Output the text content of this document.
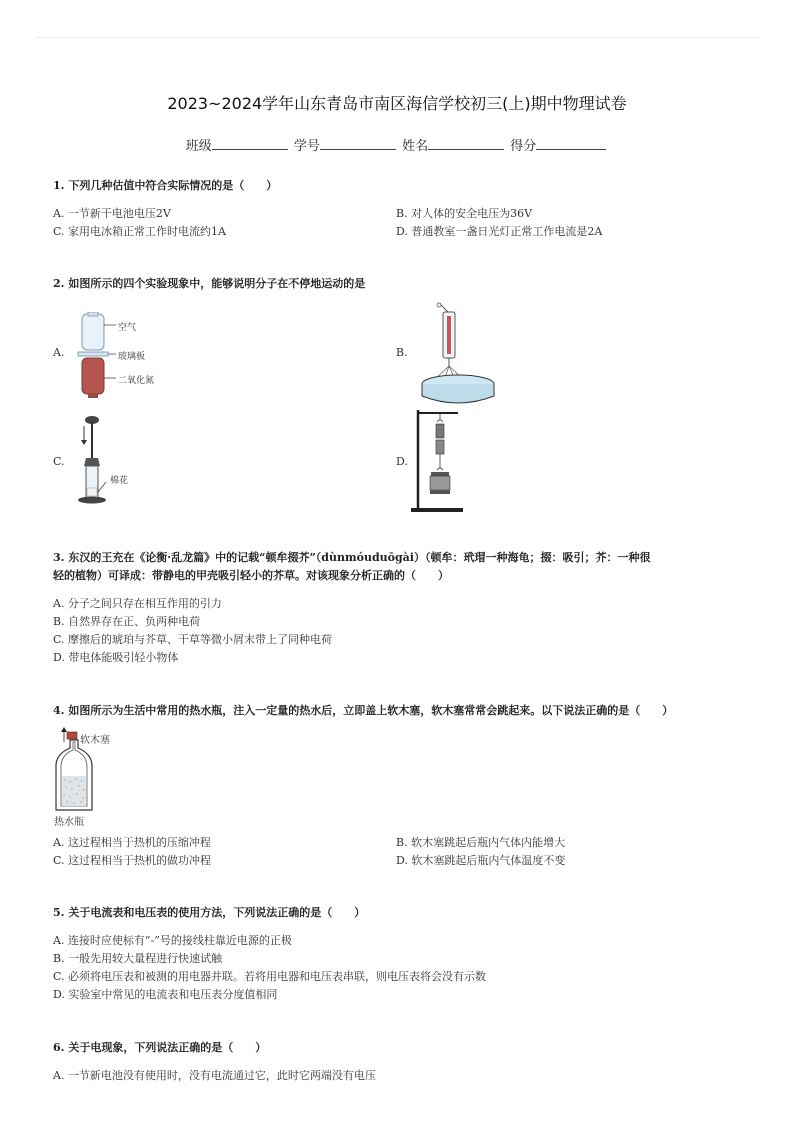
2023~2024学年山东青岛市南区海信学校初三(上)期中物理试卷
班级	学号	姓名	得分
1. 下列几种估值中符合实际情况的是（　　）
A. 一节新干电池电压2V	B. 对人体的安全电压为36V
C. 家用电冰箱正常工作时电流约1A	D. 普通教室一盏日光灯正常工作电流是2A
2. 如图所示的四个实验现象中，能够说明分子在不停地运动的是
A.
空气
玻璃板
二氧化氮
B.
C.
棉花
D.
3. 东汉的王充在《论衡·乱龙篇》中的记载“顿牟掇芥”（dùnmóuduōgài）（顿牟：玳瑁一种海龟；掇：吸引；芥：一种很
轻的植物）可译成：带静电的甲壳吸引轻小的芥草。对该现象分析正确的（　　）
A. 分子之间只存在相互作用的引力
B. 自然界存在正、负两种电荷
C. 摩擦后的琥珀与芥草、干草等微小屑末带上了同种电荷
D. 带电体能吸引轻小物体
4. 如图所示为生活中常用的热水瓶，注入一定量的热水后，立即盖上软木塞，软木塞常常会跳起来。以下说法正确的是（　　）
软木塞
热水瓶
A. 这过程相当于热机的压缩冲程	B. 软木塞跳起后瓶内气体内能增大
C. 这过程相当于热机的做功冲程	D. 软木塞跳起后瓶内气体温度不变
5. 关于电流表和电压表的使用方法，下列说法正确的是（　　）
A. 连接时应使标有“-”号的接线柱靠近电源的正极
B. 一般先用较大量程进行快速试触
C. 必须将电压表和被测的用电器并联。若将用电器和电压表串联，则电压表将会没有示数
D. 实验室中常见的电流表和电压表分度值相同
6. 关于电现象，下列说法正确的是（　　）
A. 一节新电池没有使用时，没有电流通过它，此时它两端没有电压
